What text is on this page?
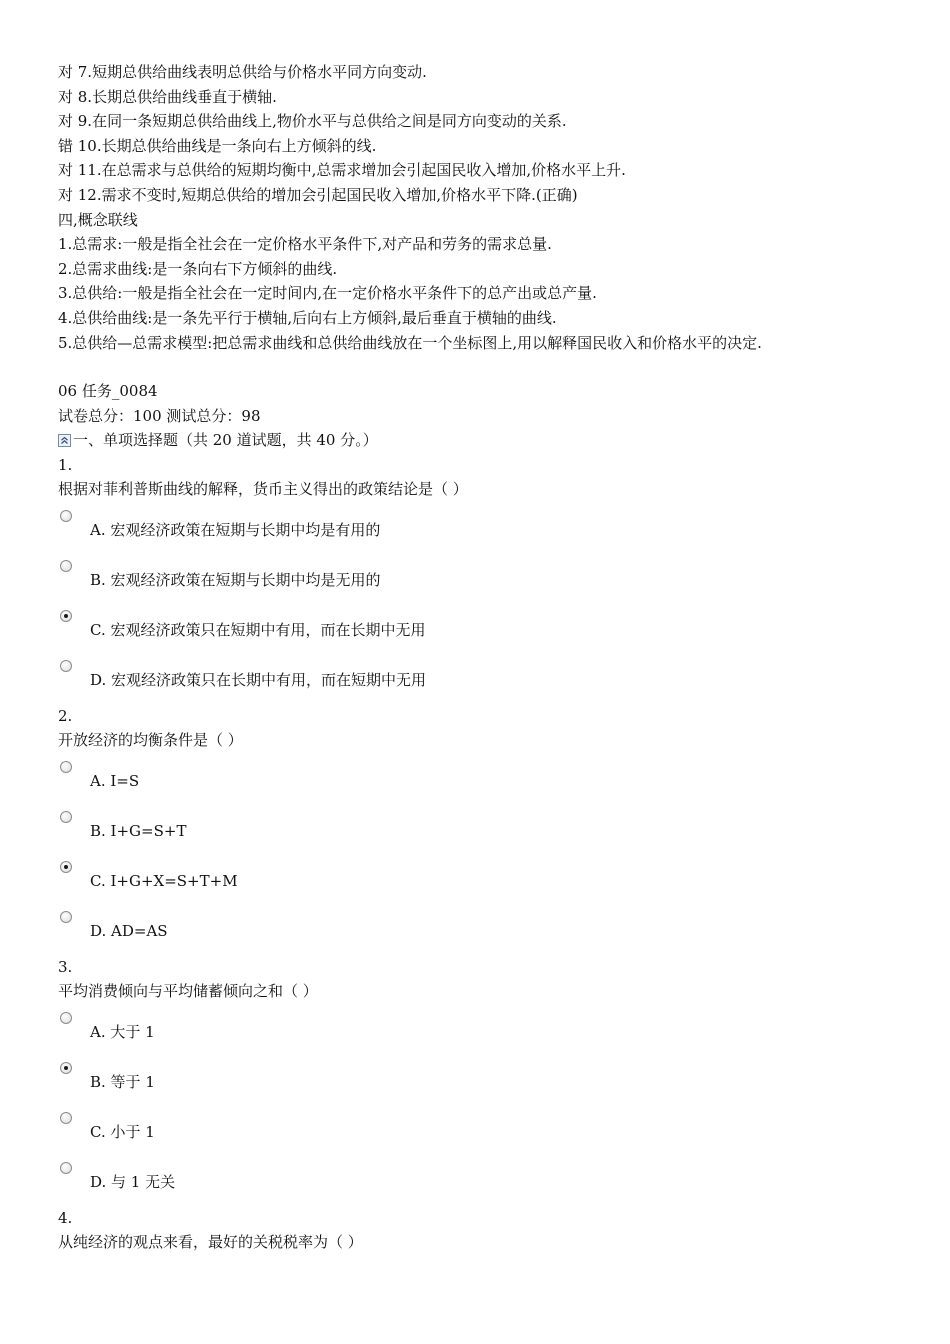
对 7.短期总供给曲线表明总供给与价格水平同方向变动.
对 8.长期总供给曲线垂直于横轴.
对 9.在同一条短期总供给曲线上,物价水平与总供给之间是同方向变动的关系.
错 10.长期总供给曲线是一条向右上方倾斜的线.
对 11.在总需求与总供给的短期均衡中,总需求增加会引起国民收入增加,价格水平上升.
对 12.需求不变时,短期总供给的增加会引起国民收入增加,价格水平下降.(正确)
四,概念联线
1.总需求:一般是指全社会在一定价格水平条件下,对产品和劳务的需求总量.
2.总需求曲线:是一条向右下方倾斜的曲线.
3.总供给:一般是指全社会在一定时间内,在一定价格水平条件下的总产出或总产量.
4.总供给曲线:是一条先平行于横轴,后向右上方倾斜,最后垂直于横轴的曲线.
5.总供给—总需求模型:把总需求曲线和总供给曲线放在一个坐标图上,用以解释国民收入和价格水平的决定.
06 任务_0084
试卷总分：100 测试总分：98
一、单项选择题（共 20 道试题，共 40 分。）
1.
根据对菲利普斯曲线的解释，货币主义得出的政策结论是（ ）
A. 宏观经济政策在短期与长期中均是有用的
B. 宏观经济政策在短期与长期中均是无用的
C. 宏观经济政策只在短期中有用，而在长期中无用
D. 宏观经济政策只在长期中有用，而在短期中无用
2.
开放经济的均衡条件是（ ）
A. I=S
B. I+G=S+T
C. I+G+X=S+T+M
D. AD=AS
3.
平均消费倾向与平均储蓄倾向之和（ ）
A. 大于 1
B. 等于 1
C. 小于 1
D. 与 1 无关
4.
从纯经济的观点来看，最好的关税税率为（ ）
